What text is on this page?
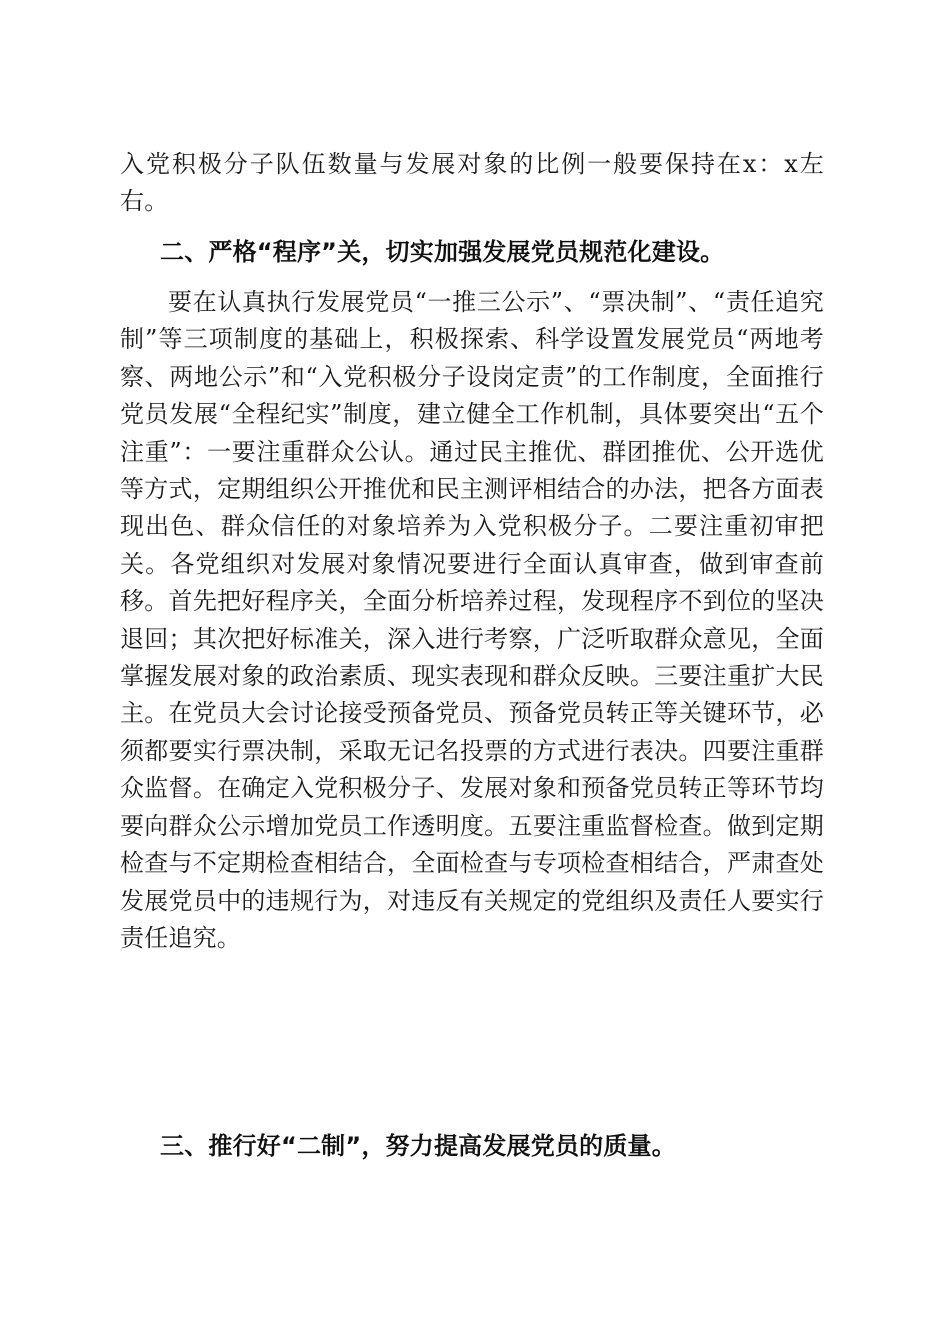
入党积极分子队伍数量与发展对象的比例一般要保持在x：x左右。

二、严格“程序”关，切实加强发展党员规范化建设。

要在认真执行发展党员“一推三公示”、“票决制”、“责任追究制”等三项制度的基础上，积极探索、科学设置发展党员“两地考察、两地公示”和“入党积极分子设岗定责”的工作制度，全面推行党员发展“全程纪实”制度，建立健全工作机制，具体要突出“五个注重”：一要注重群众公认。通过民主推优、群团推优、公开选优等方式，定期组织公开推优和民主测评相结合的办法，把各方面表现出色、群众信任的对象培养为入党积极分子。二要注重初审把关。各党组织对发展对象情况要进行全面认真审查，做到审查前移。首先把好程序关，全面分析培养过程，发现程序不到位的坚决退回；其次把好标准关，深入进行考察，广泛听取群众意见，全面掌握发展对象的政治素质、现实表现和群众反映。三要注重扩大民主。在党员大会讨论接受预备党员、预备党员转正等关键环节，必须都要实行票决制，采取无记名投票的方式进行表决。四要注重群众监督。在确定入党积极分子、发展对象和预备党员转正等环节均要向群众公示增加党员工作透明度。五要注重监督检查。做到定期检查与不定期检查相结合，全面检查与专项检查相结合，严肃查处发展党员中的违规行为，对违反有关规定的党组织及责任人要实行责任追究。

三、推行好“二制”，努力提高发展党员的质量。
